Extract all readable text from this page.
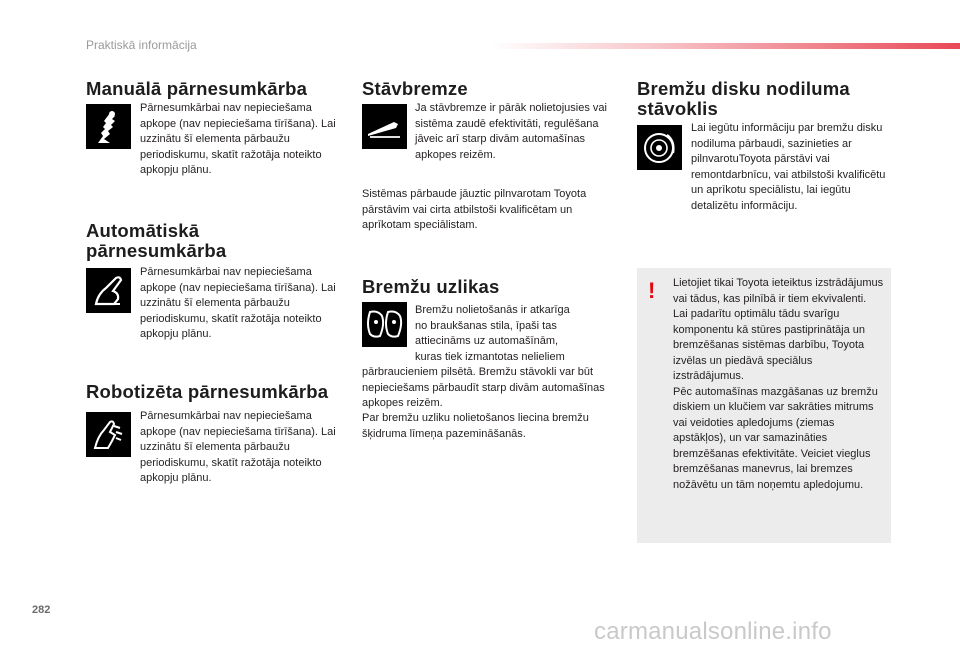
Praktiskā informācija
Manuālā pārnesumkārba

Pārnesumkārbai nav nepieciešama apkope (nav nepieciešama tīrīšana). Lai uzzinātu šī elementa pārbaužu periodiskumu, skatīt ražotāja noteikto apkopju plānu.

Automātiskā
pārnesumkārba

Pārnesumkārbai nav nepieciešama apkope (nav nepieciešama tīrīšana). Lai uzzinātu šī elementa pārbaužu periodiskumu, skatīt ražotāja noteikto apkopju plānu.

Robotizēta pārnesumkārba

Pārnesumkārbai nav nepieciešama apkope (nav nepieciešama tīrīšana). Lai uzzinātu šī elementa pārbaužu periodiskumu, skatīt ražotāja noteikto apkopju plānu.

Stāvbremze

Ja stāvbremze ir pārāk nolietojusies vai sistēma zaudē efektivitāti, regulēšana jāveic arī starp divām automašīnas apkopes reizēm.

Sistēmas pārbaude jāuztic pilnvarotam Toyota pārstāvim vai cirta atbilstoši kvalificētam un aprīkotam speciālistam.

Bremžu uzlikas
Bremžu nolietošanās ir atkarīga
no braukšanas stila, īpaši tas
attiecināms uz automašīnām,
kuras tiek izmantotas nelieliem

pārbraucieniem pilsētā. Bremžu stāvokli var būt nepieciešams pārbaudīt starp divām automašīnas apkopes reizēm.

Par bremžu uzliku nolietošanos liecina bremžu šķidruma līmeņa pazemināšanās.

Bremžu disku nodiluma
stāvoklis

Lai iegūtu informāciju par bremžu disku nodiluma pārbaudi, sazinieties ar pilnvarotuToyota pārstāvi vai remontdarbnīcu, vai atbilstoši kvalificētu un aprīkotu speciālistu, lai iegūtu detalizētu informāciju.

! Lietojiet tikai Toyota ieteiktus izstrādājumus vai tādus, kas pilnībā ir tiem ekvivalenti.
Lai padarītu optimālu tādu svarīgu komponentu kā stūres pastiprinātāja un bremzēšanas sistēmas darbību, Toyota izvēlas un piedāvā speciālus izstrādājumus.
Pēc automašīnas mazgāšanas uz bremžu diskiem un klučiem var sakrāties mitrums vai veidoties apledojums (ziemas apstākļos), un var samazināties bremzēšanas efektivitāte. Veiciet vieglus bremzēšanas manevrus, lai bremzes nožāvētu un tām noņemtu apledojumu.
282
carmanualsonline.info
